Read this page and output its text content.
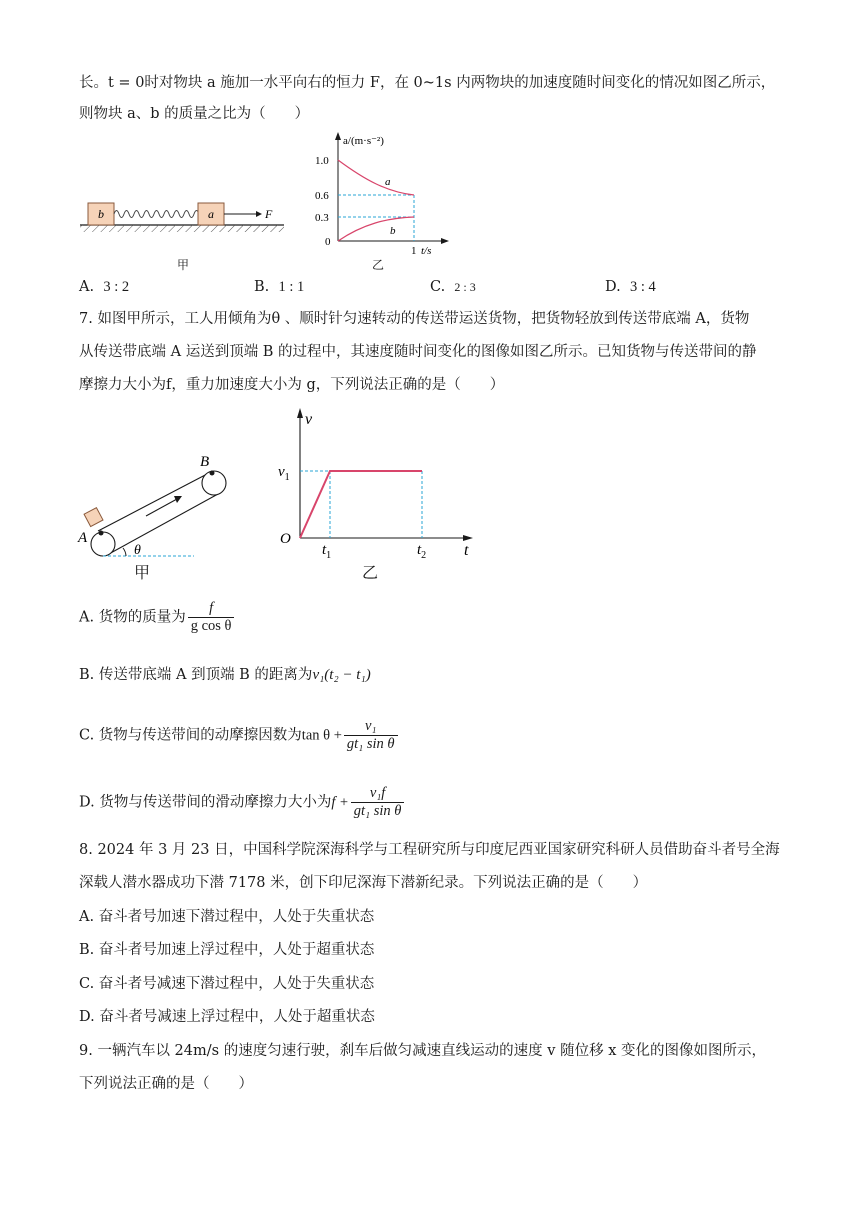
长。t = 0时对物块 a 施加一水平向右的恒力 F，在 0~1s 内两物块的加速度随时间变化的情况如图乙所示，
则物块 a、b 的质量之比为（　　）
b	a	F
甲
a/(m·s⁻²)
t/s
1.0
0.6
0.3
0
1
a
b
乙
A. 3 : 2	B. 1 : 1	C. 2 : 3	D. 3 : 4
7. 如图甲所示，工人用倾角为θ 、顺时针匀速转动的传送带运送货物，把货物轻放到传送带底端 A，货物
从传送带底端 A 运送到顶端 B 的过程中，其速度随时间变化的图像如图乙所示。已知货物与传送带间的静
摩擦力大小为f，重力加速度大小为 g，下列说法正确的是（　　）
A
B
θ
甲
v
t
O
$v_1$
$t_1$	$t_2$
乙
A. 货物的质量为 $\frac{f}{\text{g cos θ}}$
B. 传送带底端 A 到顶端 B 的距离为v₁(t₂ − t₁)
C. 货物与传送带间的动摩擦因数为$\tan \theta + \frac{\text{v₁}}{\text{gt₁ sin θ}}$
D. 货物与传送带间的滑动摩擦力大小为$f + \frac{\text{v₁f}}{\text{gt₁ sin θ}}$
8. 2024 年 3 月 23 日，中国科学院深海科学与工程研究所与印度尼西亚国家研究科研人员借助奋斗者号全海
深载人潜水器成功下潜 7178 米，创下印尼深海下潜新纪录。下列说法正确的是（　　）
A. 奋斗者号加速下潜过程中，人处于失重状态
B. 奋斗者号加速上浮过程中，人处于超重状态
C. 奋斗者号减速下潜过程中，人处于失重状态
D. 奋斗者号减速上浮过程中，人处于超重状态
9. 一辆汽车以 24m/s 的速度匀速行驶，刹车后做匀减速直线运动的速度 v 随位移 x 变化的图像如图所示，
下列说法正确的是（　　）
